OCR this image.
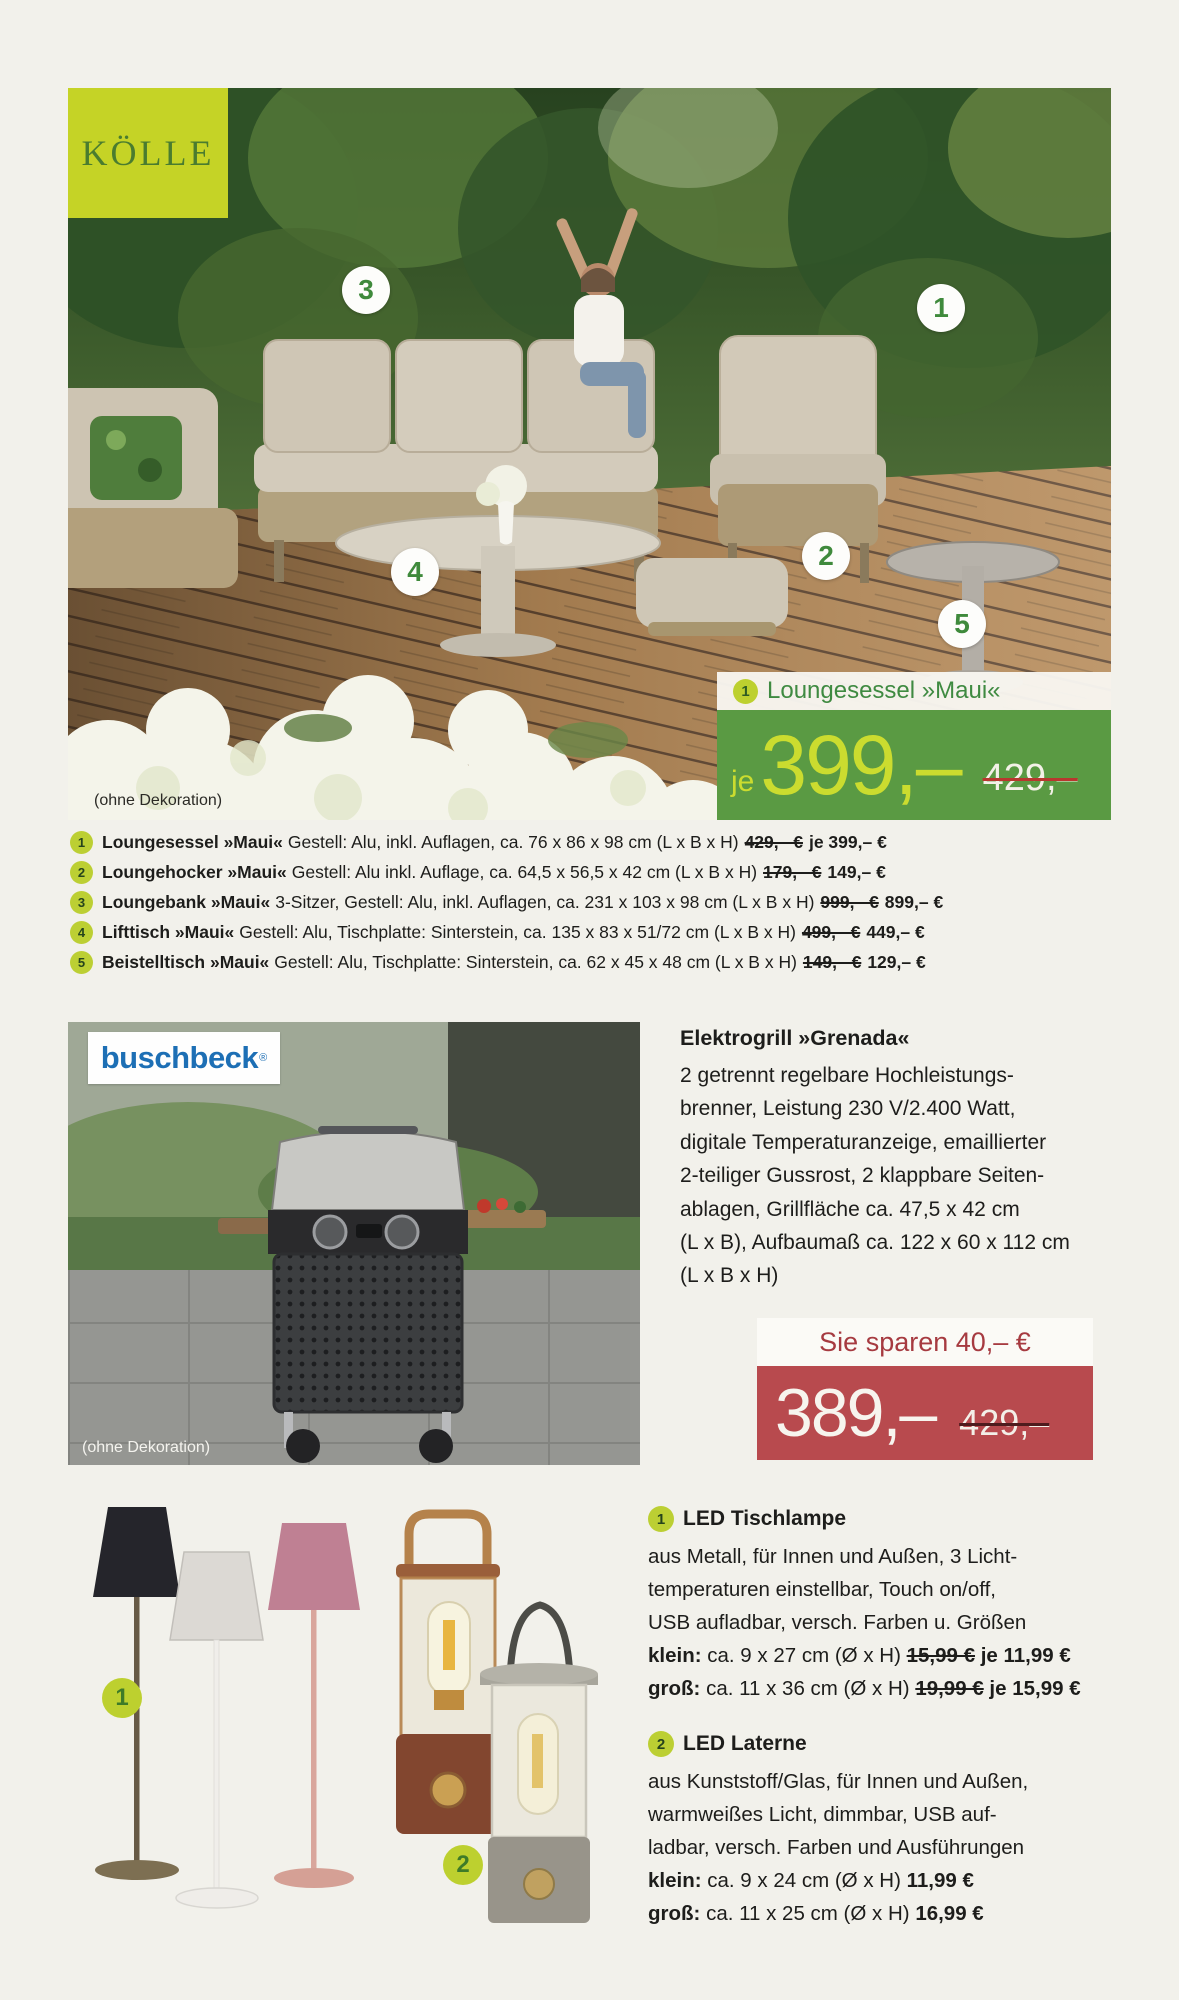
KÖLLE
3
1
4
2
5
(ohne Dekoration)
1 Loungesessel »Maui«
je 399,– 429,–
1 Loungesessel »Maui« Gestell: Alu, inkl. Auflagen, ca. 76 x 86 x 98 cm (L x B x H) 429,– € je 399,– €
2 Loungehocker »Maui« Gestell: Alu inkl. Auflage, ca. 64,5 x 56,5 x 42 cm (L x B x H) 179,– € 149,– €
3 Loungebank »Maui« 3-Sitzer, Gestell: Alu, inkl. Auflagen, ca. 231 x 103 x 98 cm (L x B x H) 999,– € 899,– €
4 Lifttisch »Maui« Gestell: Alu, Tischplatte: Sinterstein, ca. 135 x 83 x 51/72 cm (L x B x H) 499,– € 449,– €
5 Beistelltisch »Maui« Gestell: Alu, Tischplatte: Sinterstein, ca. 62 x 45 x 48 cm (L x B x H) 149,– € 129,– €
buschbeck ®
(ohne Dekoration)
Elektrogrill »Grenada«
2 getrennt regelbare Hochleistungs-
brenner, Leistung 230 V/2.400 Watt,
digitale Temperaturanzeige, emaillierter
2-teiliger Gussrost, 2 klappbare Seiten-
ablagen, Grillfläche ca. 47,5 x 42 cm
(L x B), Aufbaumaß ca. 122 x 60 x 112 cm
(L x B x H)
Sie sparen 40,– €
389,– 429,–
1
2
1 LED Tischlampe
aus Metall, für Innen und Außen, 3 Licht-
temperaturen einstellbar, Touch on/off,
USB aufladbar, versch. Farben u. Größen
klein: ca. 9 x 27 cm (Ø x H) 15,99 € je 11,99 €
groß: ca. 11 x 36 cm (Ø x H) 19,99 € je 15,99 €
2 LED Laterne
aus Kunststoff/Glas, für Innen und Außen,
warmweißes Licht, dimmbar, USB auf-
ladbar, versch. Farben und Ausführungen
klein: ca. 9 x 24 cm (Ø x H) 11,99 €
groß: ca. 11 x 25 cm (Ø x H) 16,99 €
